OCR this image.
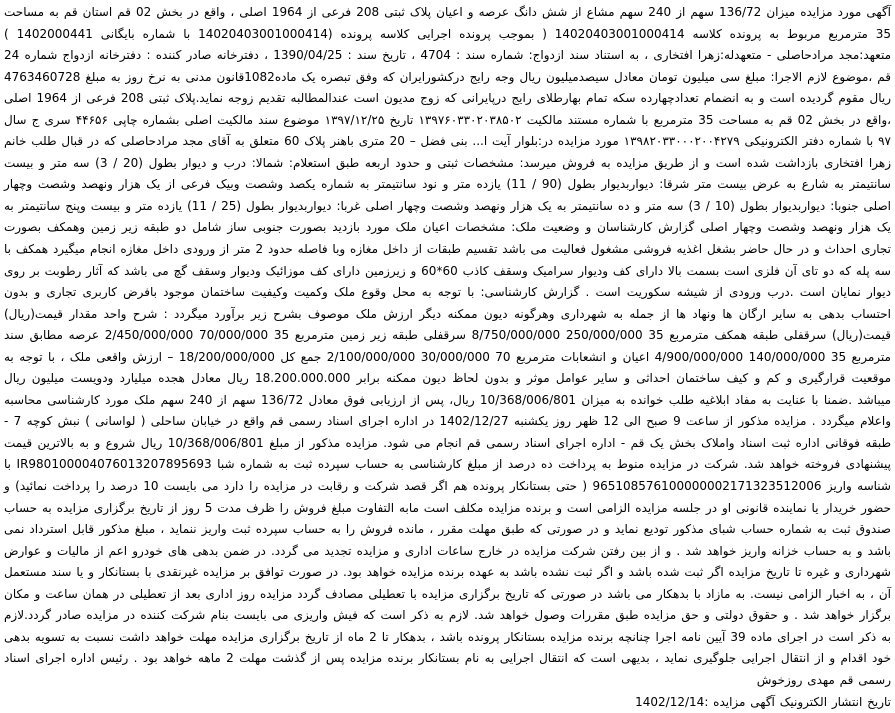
آگهی مورد مزایده میزان 136/72 سهم از 240 سهم مشاع از شش دانگ عرصه و اعیان پلاک ثبتی 208 فرعی از 1964 اصلی ، واقع در بخش 02 قم استان قم به مساحت 35 مترمربع مربوط به پرونده کلاسه 14020403001000414 ( بموجب پرونده اجرایی کلاسه پرونده (14020403001000414 با شماره بایگانی 1402000441 ) متعهد:مجد مرادحاصلی - متعهدله:زهرا افتخاری ، به استناد سند ازدواج: شماره سند : 4704 ، تاریخ سند : 1390/04/25 ، دفترخانه صادر کننده : دفترخانه ازدواج شماره 24 قم ،موضوع لازم الاجرا: مبلغ سی میلیون تومان معادل سیصدمیلیون ریال وجه رایج درکشورایران که وفق تبصره یک ماده1082قانون مدنی به نرخ روز به مبلغ 4763460728 ریال مقوم گردیده است و به انضمام تعدادچهارده سکه تمام بهارطلای رایج درپایرانی که زوج مدیون است عندالمطالبه تقدیم زوجه نماید.پلاک ثبتی 208 فرعی از 1964 اصلی ،واقع در بخش 02 قم به مساحت 35 مترمربع با شماره مستند مالکیت ۱۳۹۷۶۰۳۳۰۲۰۳۸۵۰۲ تاریخ ۱۳۹۷/۱۲/۲۵ موضوع سند مالکیت اصلی بشماره چاپی ۴۴۶۵۶ سری ج سال ۹۷ با شماره دفتر الکترونیکی ۱۳۹۸۲۰۳۳۰۰۰۲۰۰۴۲۷۹ مورد مزایده در:بلوار آیت ا... بنی فضل – 20 متری باهنر پلاک 60 متعلق به آقای مجد مرادحاصلی که در قبال طلب خانم زهرا افتخاری بازداشت شده است و از طریق مزایده به فروش میرسد: مشخصات ثبتی و حدود اربعه طبق استعلام: شمالا: درب و دیوار بطول (20 / 3) سه متر و بیست سانتیمتر به شارع به عرض بیست متر شرقا: دیواربدیوار بطول (90 / 11) یازده متر و نود سانتیمتر به شماره یکصد وشصت وبیک فرعی از یک هزار ونهصد وشصت وچهار اصلی جنوبا: دیواربدیوار بطول (10 / 3) سه متر و ده سانتیمتر به یک هزار ونهصد وشصت وچهار اصلی غربا: دیواربدیوار بطول (25 / 11) یازده متر و بیست وپنج سانتیمتر به یک هزار ونهصد وشصت وچهار اصلی گزارش کارشناسان و وضعیت ملک: مشخصات اعیان ملک مورد بازدید بصورت جنوبی ساز شامل دو طبقه زیر زمین وهمکف بصورت تجاری احداث و در حال حاضر بشغل اغذیه فروشی مشغول فعالیت می باشد تقسیم طبقات از داخل مغازه وبا فاصله حدود 2 متر از ورودی داخل مغازه انجام میگیرد همکف با سه پله که دو تای آن فلزی است بسمت بالا دارای کف ودیوار سرامیک وسقف کاذب 60*60 و زیرزمین دارای کف موزائیک ودیوار وسقف گچ می باشد که آثار رطوبت بر روی دیوار نمایان است .درب ورودی از شیشه سکوریت است . گزارش کارشناسی: با توجه به محل وقوع ملک وکمیت وکیفیت ساختمان موجود بافرض کاربری تجاری و بدون احتساب بدهی به سایر ارگان ها ونهاد ها از جمله به شهرداری وهرگونه دیون ممکنه دیگر ارزش ملک موصوف بشرح زیر برآورد میگردد : شرح واحد مقدار قیمت(ریال) قیمت(ریال) سرقفلی طبقه همکف مترمربع 35 250/000/000 8/750/000/000 سرقفلی طبقه زیر زمین مترمربع 35 70/000/000 2/450/000/000 عرصه مطابق سند مترمربع 35 140/000/000 4/900/000/000 اعیان و انشعابات مترمربع 70 30/000/000 2/100/000/000 جمع کل 18/200/000/000 – ارزش واقعی ملک ، با توجه به موقعیت قرارگیری و کم و کیف ساختمان احداثی و سایر عوامل موثر و بدون لحاظ دیون ممکنه برابر 18.200.000.000 ریال معادل هجده میلیارد ودویست میلیون ریال میباشد .ضمنا با عنایت به مفاد ابلاغیه طلب خوانده به میزان 10/368/006/801 ریال، پس از ارزیابی فوق معادل 136/72 سهم از 240 سهم ملک مورد کارشناسی محاسبه واعلام میگردد . مزایده مذکور از ساعت 9 صبح الی 12 ظهر روز یکشنبه 1402/12/27 در اداره اجرای اسناد رسمی قم واقع در خیابان ساحلی ( لواسانی ) نبش کوچه 7 - طبقه فوقانی اداره ثبت اسناد واملاک بخش یک قم - اداره اجرای اسناد رسمی قم انجام می شود. مزایده مذکور از مبلغ 10/368/006/801 ریال شروع و به بالاترین قیمت پیشنهادی فروخته خواهد شد. شرکت در مزایده منوط به پرداخت ده درصد از مبلغ کارشناسی به حساب سپرده ثبت به شماره شبا IR980100004076013207895693 با شناسه واریز 965108576100000002171323512006 ( حتی بستانکار پرونده هم اگر قصد شرکت و رقابت در مزایده را دارد می بایست 10 درصد را پرداخت نمائید) و حضور خریدار یا نماینده قانونی او در جلسه مزایده الزامی است و برنده مزایده مکلف است مابه التفاوت مبلغ فروش را ظرف مدت 5 روز از تاریخ برگزاری مزایده به حساب صندوق ثبت به شماره حساب شبای مذکور تودیع نماید و در صورتی که طبق مهلت مقرر ، مانده فروش را به حساب سپرده ثبت واریز ننماید ، مبلغ مذکور قابل استرداد نمی باشد و به حساب خزانه واریز خواهد شد . و از بین رفتن شرکت مزایده در خارج ساعات اداری و مزایده تجدید می گردد. در ضمن بدهی های خودرو اعم از مالیات و عوارض شهرداری و غیره تا تاریخ مزایده اگر ثبت شده باشد و اگر ثبت نشده باشد به عهده برنده مزایده خواهد بود. در صورت توافق بر مزایده غیرنقدی با بستانکار و یا سند مستعمل آن ، به اخبار الزامی نیست. به مازاد با بدهکار می باشد در صورتی که تاریخ برگزاری مزایده با تعطیلی مصادف گردد مزایده روز اداری بعد از تعطیلی در همان ساعت و مکان برگزار خواهد شد . و حقوق دولتی و حق مزایده طبق مقررات وصول خواهد شد. لازم به ذکر است که فیش واریزی می بایست بنام شرکت کننده در مزایده صادر گردد.لازم به ذکر است در اجرای ماده 39 آیین نامه اجرا چنانچه برنده مزایده بستانکار پرونده باشد ، بدهکار تا 2 ماه از تاریخ برگزاری مزایده مهلت خواهد داشت نسبت به تسویه بدهی خود اقدام و از انتقال اجرایی جلوگیری نماید ، بدیهی است که انتقال اجرایی به نام بستانکار برنده مزایده پس از گذشت مهلت 2 ماهه خواهد بود . رئیس اداره اجرای اسناد رسمی قم مهدی روزخوش

تاریخ انتشار الکترونیک آگهی مزایده :1402/12/14
